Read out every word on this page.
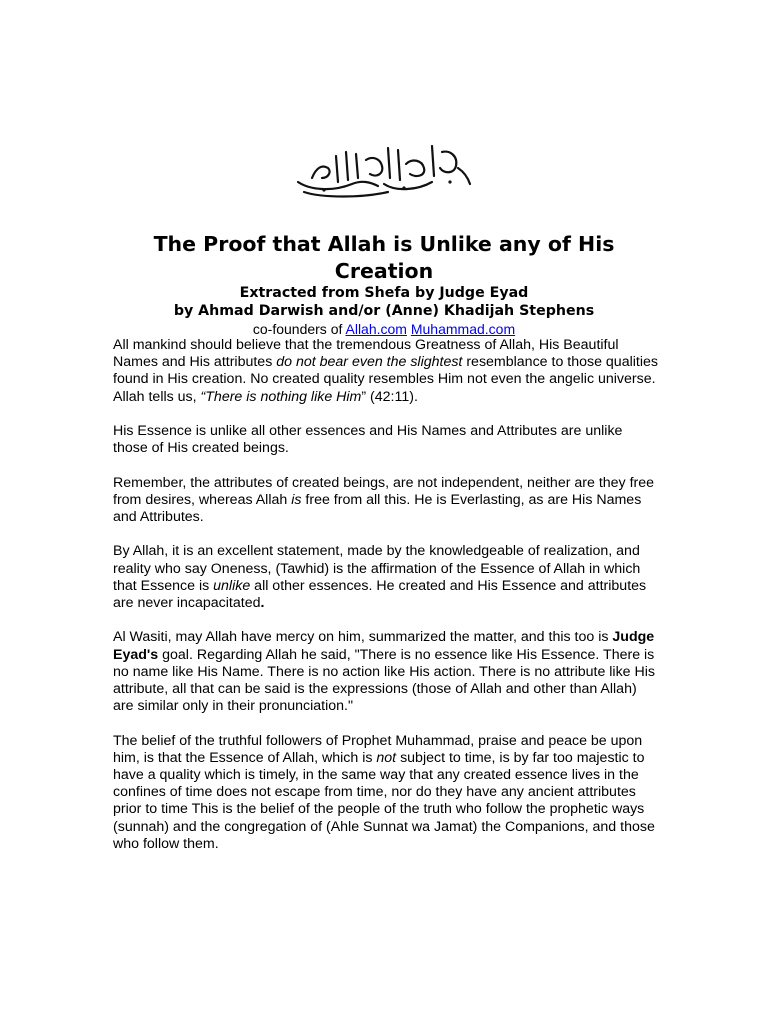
The Proof that Allah is Unlike any of His Creation

Extracted from Shefa by Judge Eyad

by Ahmad Darwish and/or (Anne) Khadijah Stephens

co-founders of Allah.com Muhammad.com

All mankind should believe that the tremendous Greatness of Allah, His Beautiful Names and His attributes do not bear even the slightest resemblance to those qualities found in His creation. No created quality resembles Him not even the angelic universe. Allah tells us, “There is nothing like Him” (42:11).

His Essence is unlike all other essences and His Names and Attributes are unlike those of His created beings.

Remember, the attributes of created beings, are not independent, neither are they free from desires, whereas Allah is free from all this. He is Everlasting, as are His Names and Attributes.

By Allah, it is an excellent statement, made by the knowledgeable of realization, and reality who say Oneness, (Tawhid) is the affirmation of the Essence of Allah in which that Essence is unlike all other essences. He created and His Essence and attributes are never incapacitated.

Al Wasiti, may Allah have mercy on him, summarized the matter, and this too is Judge Eyad's goal. Regarding Allah he said, "There is no essence like His Essence. There is no name like His Name. There is no action like His action. There is no attribute like His attribute, all that can be said is the expressions (those of Allah and other than Allah) are similar only in their pronunciation."

The belief of the truthful followers of Prophet Muhammad, praise and peace be upon him, is that the Essence of Allah, which is not subject to time, is by far too majestic to have a quality which is timely, in the same way that any created essence lives in the confines of time does not escape from time, nor do they have any ancient attributes prior to time This is the belief of the people of the truth who follow the prophetic ways (sunnah) and the congregation of (Ahle Sunnat wa Jamat) the Companions, and those who follow them.
